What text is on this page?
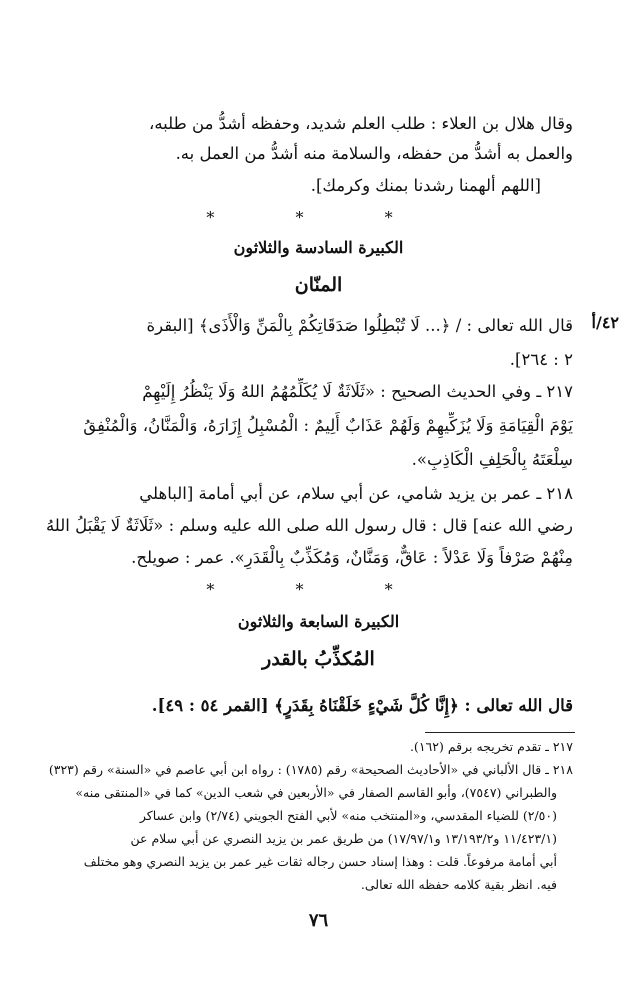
وقال هلال بن العلاء : طلب العلم شديد، وحفظه أشدُّ من طلبه،
والعمل به أشدُّ من حفظه، والسلامة منه أشدُّ من العمل به.
[اللهم ألهمنا رشدنا بمنك وكرمك].
* * *
الكبيرة السادسة والثلاثون
المنّان
٤٢/أ
قال الله تعالى : / ﴿... لَا تُبْطِلُوا صَدَقَاتِكُمْ بِالْمَنِّ وَالْأَذَى﴾ [البقرة
٢ : ٢٦٤].
٢١٧ ـ وفي الحديث الصحيح : «ثَلَاثَةٌ لَا يُكَلِّمُهُمُ اللهُ وَلَا يَنْظُرُ إِلَيْهِمْ
يَوْمَ الْقِيَامَةِ وَلَا يُزَكِّيهِمْ وَلَهُمْ عَذَابٌ أَلِيمٌ : الْمُسْبِلُ إِزَارَهُ، وَالْمَنَّانُ، وَالْمُنْفِقُ
سِلْعَتَهُ بِالْحَلِفِ الْكَاذِبِ».
٢١٨ ـ عمر بن يزيد شامي، عن أبي سلام، عن أبي أمامة [الباهلي
رضي الله عنه] قال : قال رسول الله صلى الله عليه وسلم : «ثَلَاثَةٌ لَا يَقْبَلُ اللهُ
مِنْهُمْ صَرْفاً وَلَا عَدْلاً : عَاقٌّ، وَمَنَّانٌ، وَمُكَذِّبٌ بِالْقَدَرِ». عمر : صويلح.
* * *
الكبيرة السابعة والثلاثون
المُكذِّبُ بالقدر
قال الله تعالى : ﴿إِنَّا كُلَّ شَيْءٍ خَلَقْنَاهُ بِقَدَرٍ﴾ [القمر ٥٤ : ٤٩].
٢١٧ ـ تقدم تخريجه برقم (١٦٢).
٢١٨ ـ قال الألباني في «الأحاديث الصحيحة» رقم (١٧٨٥) : رواه ابن أبي عاصم في «السنة» رقم (٣٢٣)
والطبراني (٧٥٤٧)، وأبو القاسم الصفار في «الأربعين في شعب الدين» كما في «المنتقى منه»
(٢/٥٠) للضياء المقدسي، و«المنتخب منه» لأبي الفتح الجويني (٢/٧٤) وابن عساكر
(١١/٤٢٣/١ و١٣/١٩٣/٢ و١٧/٩٧/١) من طريق عمر بن يزيد النصري عن أبي سلام عن
أبي أمامة مرفوعاً. قلت : وهذا إسناد حسن رجاله ثقات غير عمر بن يزيد النصري وهو مختلف
فيه. انظر بقية كلامه حفظه الله تعالى.
٧٦
